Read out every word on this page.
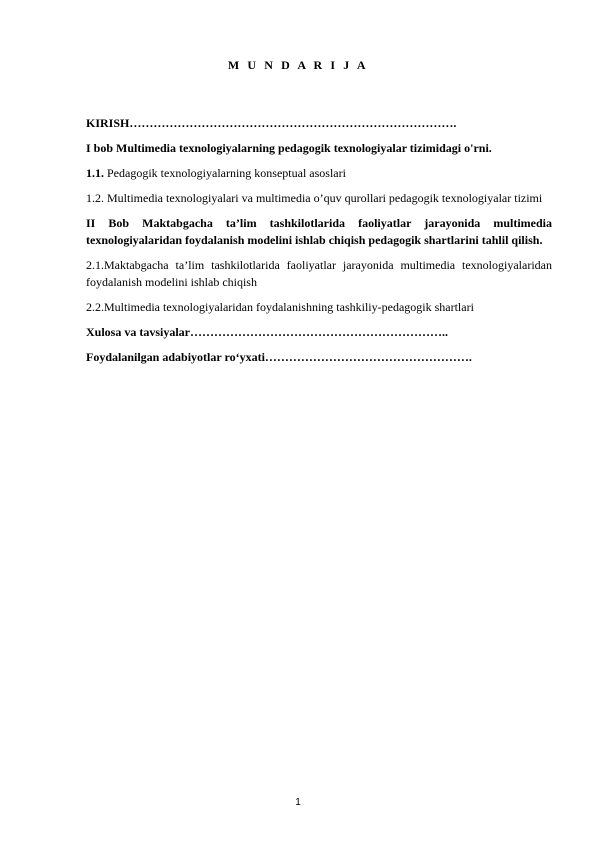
M U N D A R I J A

KIRISH……………………………………………………………………….

I bob Multimedia texnologiyalarning pedagogik texnologiyalar tizimidagi o'rni.

1.1. Pedagogik texnologiyalarning konseptual asoslari

1.2. Multimedia texnologiyalari va multimedia o’quv qurollari pedagogik texnologiyalar tizimi

II Bob Maktabgacha ta’lim tashkilotlarida faoliyatlar jarayonida multimedia texnologiyalaridan foydalanish modelini ishlab chiqish pedagogik shartlarini tahlil qilish.

2.1.Maktabgacha ta’lim tashkilotlarida faoliyatlar jarayonida multimedia texnologiyalaridan foydalanish modelini ishlab chiqish

2.2.Multimedia texnologiyalaridan foydalanishning tashkiliy-pedagogik shartlari

Xulosa va tavsiyalar………………………………………………………..

Foydalanilgan adabiyotlar ro‘yxati…………………………………………….

1
